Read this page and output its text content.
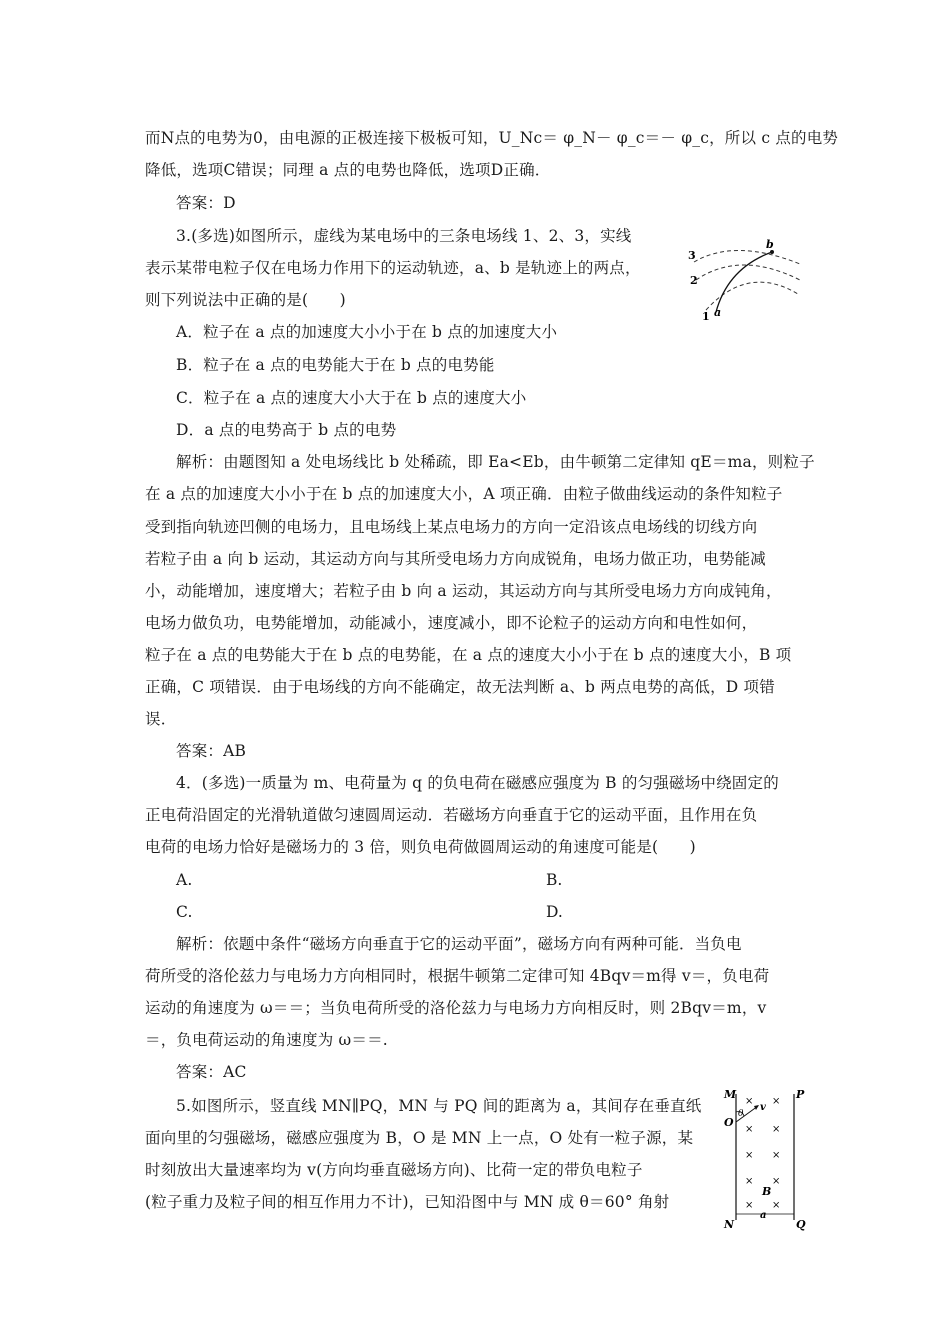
而N点的电势为0，由电源的正极连接下极板可知，U_Nc＝ φ_N－ φ_c＝－ φ_c，所以 c 点的电势
降低，选项C错误；同理 a 点的电势也降低，选项D正确．
答案：D
3.(多选)如图所示，虚线为某电场中的三条电场线 1、2、3，实线
表示某带电粒子仅在电场力作用下的运动轨迹，a、b 是轨迹上的两点，
则下列说法中正确的是(　　)
A．粒子在 a 点的加速度大小小于在 b 点的加速度大小
B．粒子在 a 点的电势能大于在 b 点的电势能
C．粒子在 a 点的速度大小大于在 b 点的速度大小
D．a 点的电势高于 b 点的电势
解析：由题图知 a 处电场线比 b 处稀疏，即 Ea<Eb，由牛顿第二定律知 qE＝ma，则粒子
在 a 点的加速度大小小于在 b 点的加速度大小，A 项正确．由粒子做曲线运动的条件知粒子
受到指向轨迹凹侧的电场力，且电场线上某点电场力的方向一定沿该点电场线的切线方向
若粒子由 a 向 b 运动，其运动方向与其所受电场力方向成锐角，电场力做正功，电势能减
小，动能增加，速度增大；若粒子由 b 向 a 运动，其运动方向与其所受电场力方向成钝角，
电场力做负功，电势能增加，动能减小，速度减小，即不论粒子的运动方向和电性如何，
粒子在 a 点的电势能大于在 b 点的电势能，在 a 点的速度大小小于在 b 点的速度大小，B 项
正确，C 项错误．由于电场线的方向不能确定，故无法判断 a、b 两点电势的高低，D 项错
误．
答案：AB
4．(多选)一质量为 m、电荷量为 q 的负电荷在磁感应强度为 B 的匀强磁场中绕固定的
正电荷沿固定的光滑轨道做匀速圆周运动．若磁场方向垂直于它的运动平面，且作用在负
电荷的电场力恰好是磁场力的 3 倍，则负电荷做圆周运动的角速度可能是(　　)
A.	B.
C.	D.
解析：依题中条件“磁场方向垂直于它的运动平面”，磁场方向有两种可能．当负电
荷所受的洛伦兹力与电场力方向相同时，根据牛顿第二定律可知 4Bqv＝m得 v＝，负电荷
运动的角速度为 ω＝＝；当负电荷所受的洛伦兹力与电场力方向相反时，则 2Bqv＝m，v
＝，负电荷运动的角速度为 ω＝＝.
答案：AC
5.如图所示，竖直线 MN∥PQ，MN 与 PQ 间的距离为 a，其间存在垂直纸
面向里的匀强磁场，磁感应强度为 B，O 是 MN 上一点，O 处有一粒子源，某
时刻放出大量速率均为 v(方向均垂直磁场方向)、比荷一定的带负电粒子
(粒子重力及粒子间的相互作用力不计)，已知沿图中与 MN 成 θ＝60° 角射
1
2
3
a
b
M
N
P
Q
O
θ
v
B
a
× ×
× ×
× ×
× ×
× ×
